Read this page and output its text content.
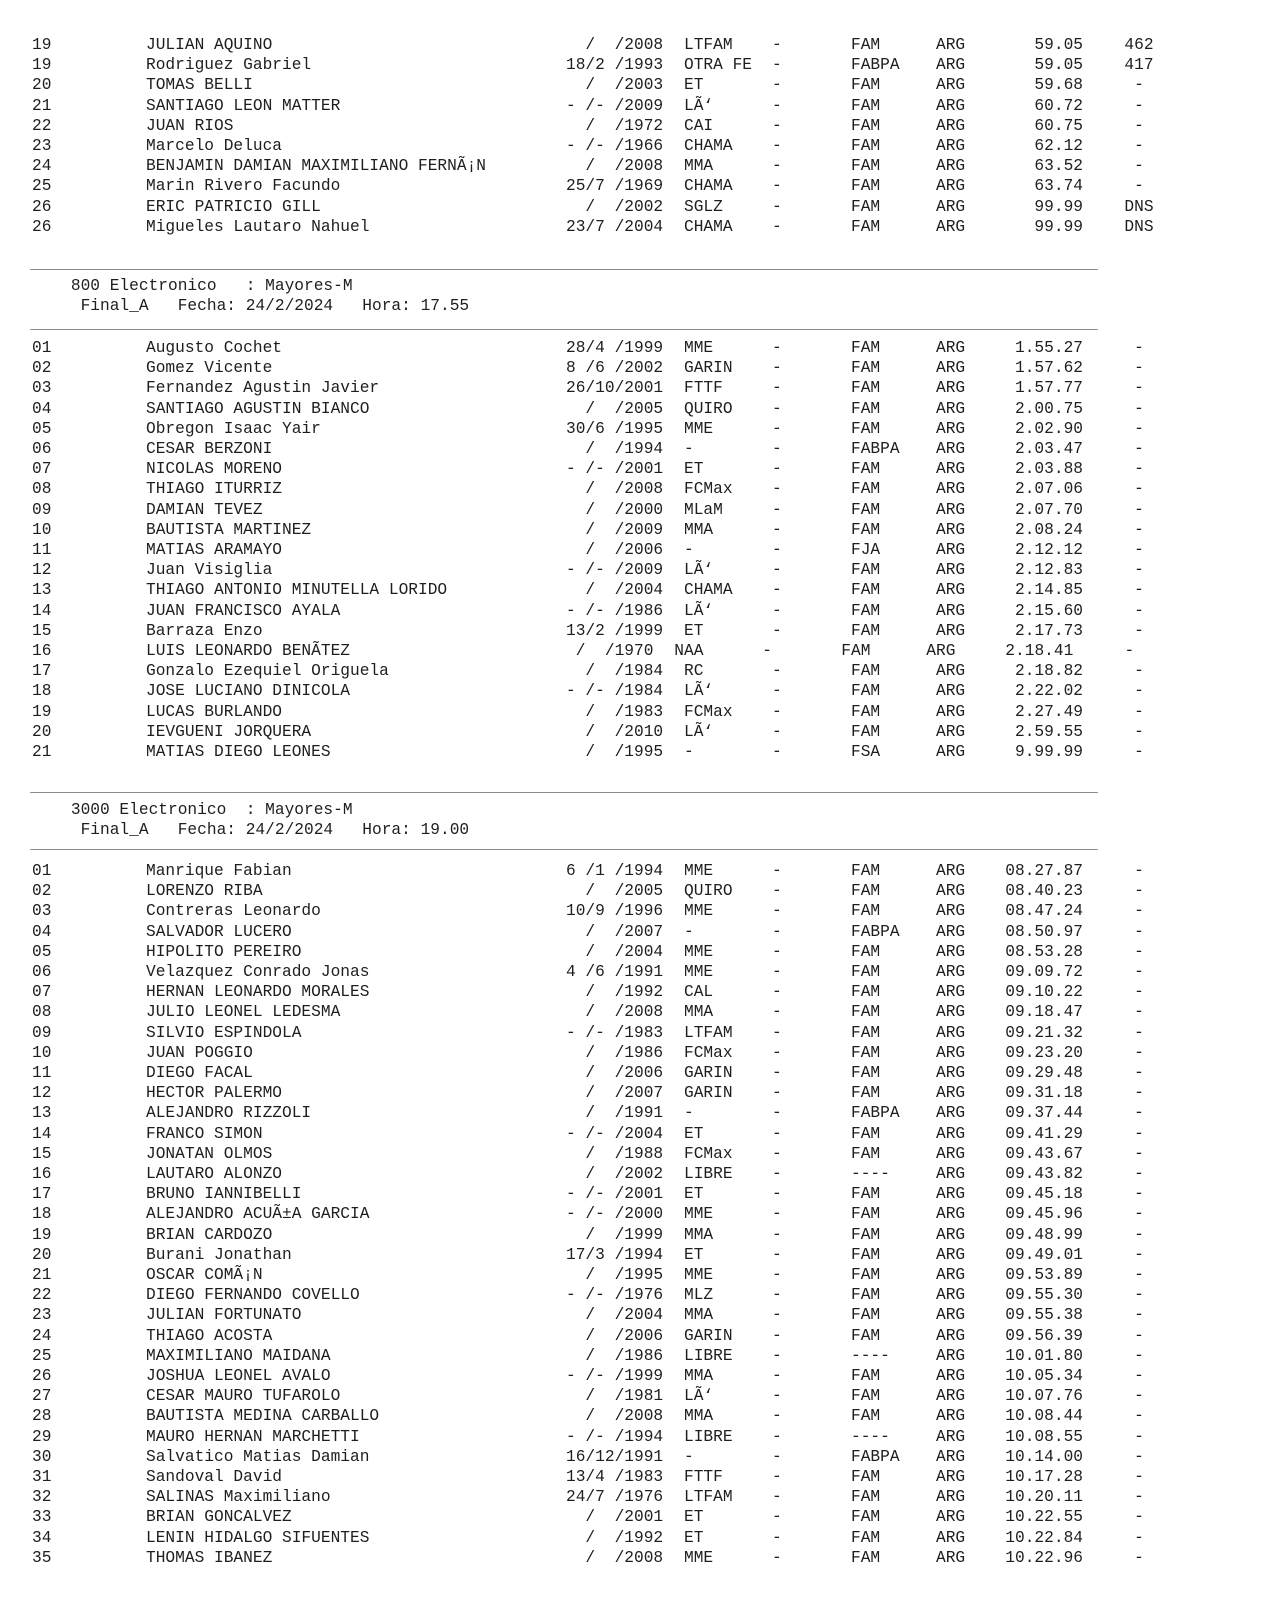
19	JULIAN AQUINO	/  /2008 LTFAM -	FAM	ARG	59.05	462
19	Rodriguez Gabriel	18/2 /1993 OTRA FE -	FABPA ARG	59.05	417
20	TOMAS BELLI	/  /2003 ET	-	FAM	ARG	59.68	-
21	SANTIAGO LEON MATTER	- /- /2009 LÃ‘	-	FAM	ARG	60.72	-
22	JUAN RIOS	/  /1972 CAI	-	FAM	ARG	60.75	-
23	Marcelo Deluca	- /- /1966 CHAMA -	FAM	ARG	62.12	-
24	BENJAMIN DAMIAN MAXIMILIANO FERNÃ¡N	/  /2008 MMA	-	FAM	ARG	63.52	-
25	Marin Rivero Facundo	25/7 /1969 CHAMA -	FAM	ARG	63.74	-
26	ERIC PATRICIO GILL	/  /2002 SGLZ	-	FAM	ARG	99.99	DNS
26	Migueles Lautaro Nahuel	23/7 /2004 CHAMA -	FAM	ARG	99.99	DNS
800 Electronico   : Mayores-M
Final_A   Fecha: 24/2/2024   Hora: 17.55
01	Augusto Cochet	28/4 /1999 MME	-	FAM	ARG	1.55.27	-
02	Gomez Vicente	8 /6 /2002 GARIN -	FAM	ARG	1.57.62	-
03	Fernandez Agustin Javier	26/10/2001 FTTF	-	FAM	ARG	1.57.77	-
04	SANTIAGO AGUSTIN BIANCO	/  /2005 QUIRO -	FAM	ARG	2.00.75	-
05	Obregon Isaac Yair	30/6 /1995 MME	-	FAM	ARG	2.02.90	-
06	CESAR BERZONI	/  /1994 -	-	FABPA ARG	2.03.47	-
07	NICOLAS MORENO	- /- /2001 ET	-	FAM	ARG	2.03.88	-
08	THIAGO ITURRIZ	/  /2008 FCMax -	FAM	ARG	2.07.06	-
09	DAMIAN TEVEZ	/  /2000 MLaM	-	FAM	ARG	2.07.70	-
10	BAUTISTA MARTINEZ	/  /2009 MMA	-	FAM	ARG	2.08.24	-
11	MATIAS ARAMAYO	/  /2006 -	-	FJA	ARG	2.12.12	-
12	Juan Visiglia	- /- /2009 LÃ‘	-	FAM	ARG	2.12.83	-
13	THIAGO ANTONIO MINUTELLA LORIDO	/  /2004 CHAMA -	FAM	ARG	2.14.85	-
14	JUAN FRANCISCO AYALA	- /- /1986 LÃ‘	-	FAM	ARG	2.15.60	-
15	Barraza Enzo	13/2 /1999 ET	-	FAM	ARG	2.17.73	-
16	LUIS LEONARDO BENÃTEZ	/  /1970 NAA	-	FAM	ARG	2.18.41	-
17	Gonzalo Ezequiel Origuela	/  /1984 RC	-	FAM	ARG	2.18.82	-
18	JOSE LUCIANO DINICOLA	- /- /1984 LÃ‘	-	FAM	ARG	2.22.02	-
19	LUCAS BURLANDO	/  /1983 FCMax -	FAM	ARG	2.27.49	-
20	IEVGUENI JORQUERA	/  /2010 LÃ‘	-	FAM	ARG	2.59.55	-
21	MATIAS DIEGO LEONES	/  /1995 -	-	FSA	ARG	9.99.99	-
3000 Electronico  : Mayores-M
Final_A   Fecha: 24/2/2024   Hora: 19.00
01	Manrique Fabian	6 /1 /1994 MME	-	FAM	ARG	08.27.87	-
02	LORENZO RIBA	/  /2005 QUIRO -	FAM	ARG	08.40.23	-
03	Contreras Leonardo	10/9 /1996 MME	-	FAM	ARG	08.47.24	-
04	SALVADOR LUCERO	/  /2007 -	-	FABPA ARG	08.50.97	-
05	HIPOLITO PEREIRO	/  /2004 MME	-	FAM	ARG	08.53.28	-
06	Velazquez Conrado Jonas	4 /6 /1991 MME	-	FAM	ARG	09.09.72	-
07	HERNAN LEONARDO MORALES	/  /1992 CAL	-	FAM	ARG	09.10.22	-
08	JULIO LEONEL LEDESMA	/  /2008 MMA	-	FAM	ARG	09.18.47	-
09	SILVIO ESPINDOLA	- /- /1983 LTFAM -	FAM	ARG	09.21.32	-
10	JUAN POGGIO	/  /1986 FCMax -	FAM	ARG	09.23.20	-
11	DIEGO FACAL	/  /2006 GARIN -	FAM	ARG	09.29.48	-
12	HECTOR PALERMO	/  /2007 GARIN -	FAM	ARG	09.31.18	-
13	ALEJANDRO RIZZOLI	/  /1991 -	-	FABPA ARG	09.37.44	-
14	FRANCO SIMON	- /- /2004 ET	-	FAM	ARG	09.41.29	-
15	JONATAN OLMOS	/  /1988 FCMax -	FAM	ARG	09.43.67	-
16	LAUTARO ALONZO	/  /2002 LIBRE -	----	ARG	09.43.82	-
17	BRUNO IANNIBELLI	- /- /2001 ET	-	FAM	ARG	09.45.18	-
18	ALEJANDRO ACUÃ±A GARCIA	- /- /2000 MME	-	FAM	ARG	09.45.96	-
19	BRIAN CARDOZO	/  /1999 MMA	-	FAM	ARG	09.48.99	-
20	Burani Jonathan	17/3 /1994 ET	-	FAM	ARG	09.49.01	-
21	OSCAR COMÃ¡N	/  /1995 MME	-	FAM	ARG	09.53.89	-
22	DIEGO FERNANDO COVELLO	- /- /1976 MLZ	-	FAM	ARG	09.55.30	-
23	JULIAN FORTUNATO	/  /2004 MMA	-	FAM	ARG	09.55.38	-
24	THIAGO ACOSTA	/  /2006 GARIN -	FAM	ARG	09.56.39	-
25	MAXIMILIANO MAIDANA	/  /1986 LIBRE -	----	ARG	10.01.80	-
26	JOSHUA LEONEL AVALO	- /- /1999 MMA	-	FAM	ARG	10.05.34	-
27	CESAR MAURO TUFAROLO	/  /1981 LÃ‘	-	FAM	ARG	10.07.76	-
28	BAUTISTA MEDINA CARBALLO	/  /2008 MMA	-	FAM	ARG	10.08.44	-
29	MAURO HERNAN MARCHETTI	- /- /1994 LIBRE -	----	ARG	10.08.55	-
30	Salvatico Matias Damian	16/12/1991 -	-	FABPA ARG	10.14.00	-
31	Sandoval David	13/4 /1983 FTTF	-	FAM	ARG	10.17.28	-
32	SALINAS Maximiliano	24/7 /1976 LTFAM -	FAM	ARG	10.20.11	-
33	BRIAN GONCALVEZ	/  /2001 ET	-	FAM	ARG	10.22.55	-
34	LENIN HIDALGO SIFUENTES	/  /1992 ET	-	FAM	ARG	10.22.84	-
35	THOMAS IBANEZ	/  /2008 MME	-	FAM	ARG	10.22.96	-
